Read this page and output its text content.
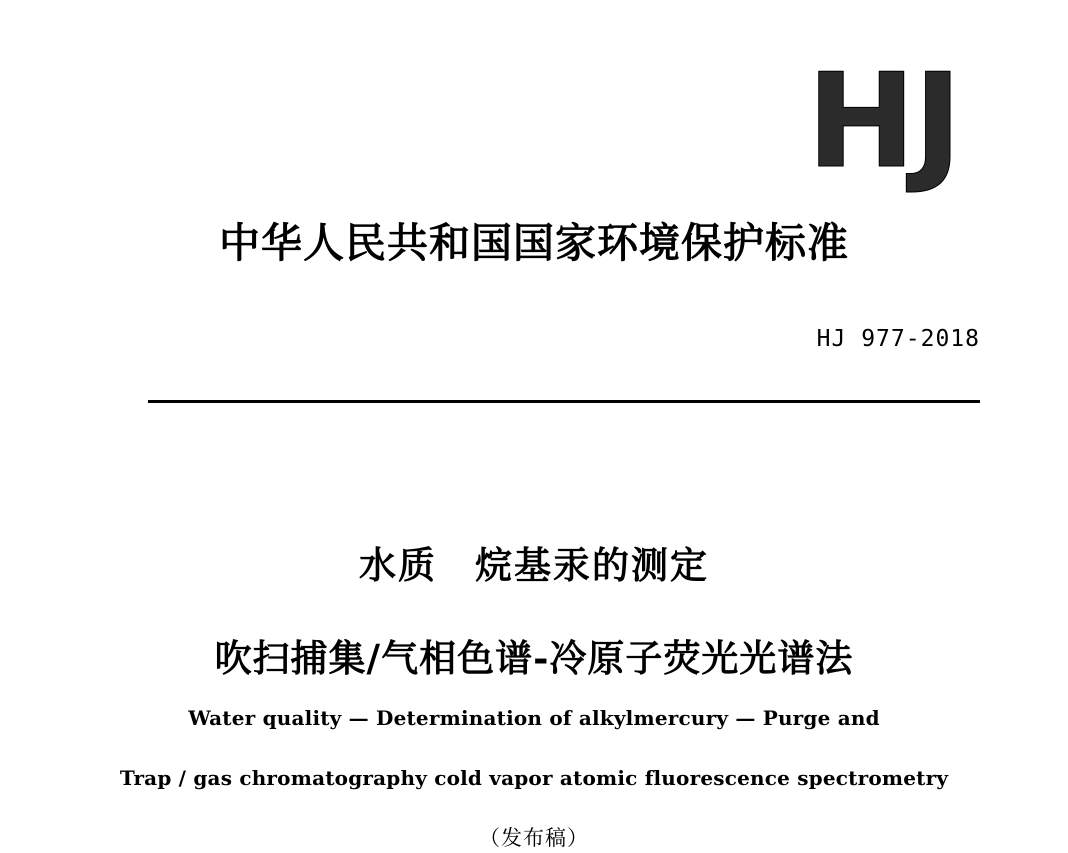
HJ
中华人民共和国国家环境保护标准
HJ 977-2018
水质 烷基汞的测定
吹扫捕集/气相色谱-冷原子荧光光谱法
Water quality — Determination of alkylmercury — Purge and
Trap / gas chromatography cold vapor atomic fluorescence spectrometry
（发布稿）
